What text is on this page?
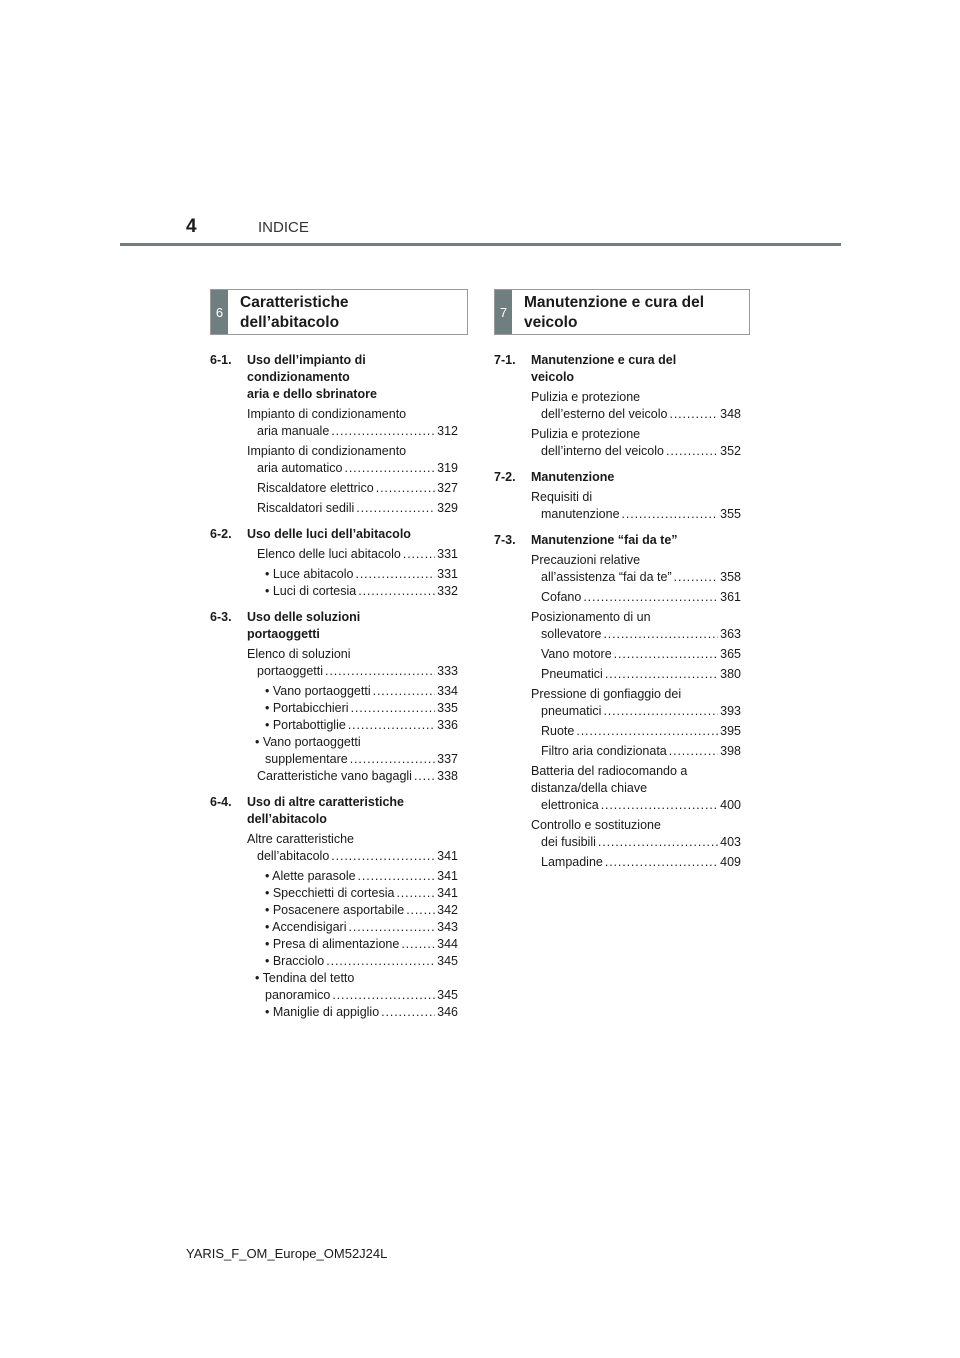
4	INDICE
6
Caratteristiche
dell’abitacolo
7
Manutenzione e cura del
veicolo
6-1. Uso dell’impianto di
condizionamento
aria e dello sbrinatore
Impianto di condizionamento
aria manuale . . .	312
Impianto di condizionamento
aria automatico . . .	319
Riscaldatore elettrico . . .	327
Riscaldatori sedili . . .	329
6-2. Uso delle luci dell’abitacolo
Elenco delle luci abitacolo . . .	331
• Luce abitacolo . . .	331
• Luci di cortesia . . .	332
6-3. Uso delle soluzioni
portaoggetti
Elenco di soluzioni
portaoggetti . . .	333
• Vano portaoggetti . . .	334
• Portabicchieri . . .	335
• Portabottiglie . . .	336
• Vano portaoggetti
supplementare . . .	337
Caratteristiche vano bagagli . . . 338
6-4. Uso di altre caratteristiche
dell’abitacolo
Altre caratteristiche
dell’abitacolo . . .	341
• Alette parasole . . .	341
• Specchietti di cortesia . . .	341
• Posacenere asportabile . . .	342
• Accendisigari . . .	343
• Presa di alimentazione . . .	344
• Bracciolo . . .	345
• Tendina del tetto
panoramico . . .	345
• Maniglie di appiglio . . .	346
7-1. Manutenzione e cura del
veicolo
Pulizia e protezione
dell’esterno del veicolo . . .	348
Pulizia e protezione
dell’interno del veicolo . . .	352
7-2. Manutenzione
Requisiti di
manutenzione . . .	355
7-3. Manutenzione “fai da te”
Precauzioni relative
all’assistenza “fai da te” . . .	358
Cofano . . .	361
Posizionamento di un
sollevatore . . .	363
Vano motore . . .	365
Pneumatici . . .	380
Pressione di gonfiaggio dei
pneumatici . . .	393
Ruote . . .	395
Filtro aria condizionata . . .	398
Batteria del radiocomando a
distanza/della chiave
elettronica . . .	400
Controllo e sostituzione
dei fusibili . . .	403
Lampadine . . .	409
YARIS_F_OM_Europe_OM52J24L
